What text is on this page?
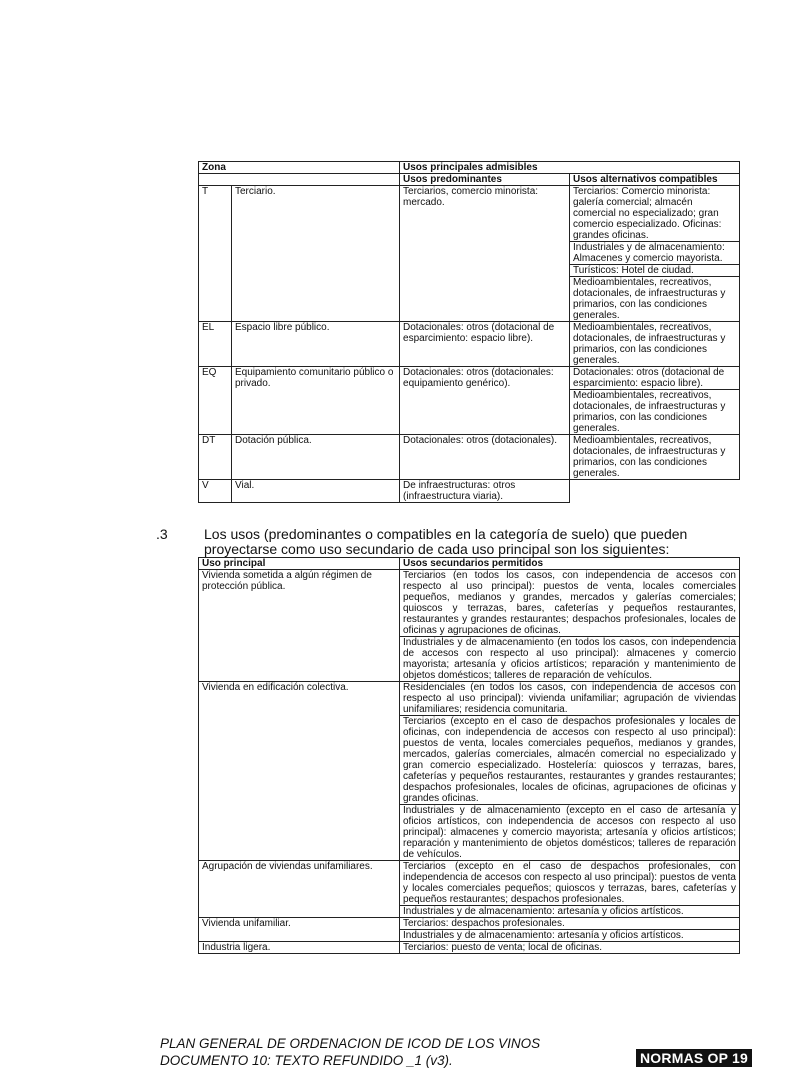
Zona		Usos principales admisibles	
		Usos predominantes	Usos alternativos compatibles
T	Terciario.	Terciarios, comercio minorista: mercado.	Terciarios: Comercio minorista: galería comercial; almacén comercial no especializado; gran comercio especializado. Oficinas: grandes oficinas.
			Industriales y de almacenamiento: Almacenes y comercio mayorista.
			Turísticos: Hotel de ciudad.
			Medioambientales, recreativos, dotacionales, de infraestructuras y primarios, con las condiciones generales.
EL	Espacio libre público.	Dotacionales: otros (dotacional de esparcimiento: espacio libre).	Medioambientales, recreativos, dotacionales, de infraestructuras y primarios, con las condiciones generales.
EQ	Equipamiento comunitario público o privado.	Dotacionales: otros (dotacionales: equipamiento genérico).	Dotacionales: otros (dotacional de esparcimiento: espacio libre).
			Medioambientales, recreativos, dotacionales, de infraestructuras y primarios, con las condiciones generales.
DT	Dotación pública.	Dotacionales: otros (dotacionales).	Medioambientales, recreativos, dotacionales, de infraestructuras y primarios, con las condiciones generales.
V	Vial.	De infraestructuras: otros (infraestructura viaria).	
.3	Los usos (predominantes o compatibles en la categoría de suelo) que pueden proyectarse como uso secundario de cada uso principal son los siguientes:
Uso principal	Usos secundarios permitidos
Vivienda sometida a algún régimen de protección pública.	Terciarios (en todos los casos, con independencia de accesos con respecto al uso principal): puestos de venta, locales comerciales pequeños, medianos y grandes, mercados y galerías comerciales; quioscos y terrazas, bares, cafeterías y pequeños restaurantes, restaurantes y grandes restaurantes; despachos profesionales, locales de oficinas y agrupaciones de oficinas.
	Industriales y de almacenamiento (en todos los casos, con independencia de accesos con respecto al uso principal): almacenes y comercio mayorista; artesanía y oficios artísticos; reparación y mantenimiento de objetos domésticos; talleres de reparación de vehículos.
Vivienda en edificación colectiva.	Residenciales (en todos los casos, con independencia de accesos con respecto al uso principal): vivienda unifamiliar; agrupación de viviendas unifamiliares; residencia comunitaria.
	Terciarios (excepto en el caso de despachos profesionales y locales de oficinas, con independencia de accesos con respecto al uso principal): puestos de venta, locales comerciales pequeños, medianos y grandes, mercados, galerías comerciales, almacén comercial no especializado y gran comercio especializado. Hostelería: quioscos y terrazas, bares, cafeterías y pequeños restaurantes, restaurantes y grandes restaurantes; despachos profesionales, locales de oficinas, agrupaciones de oficinas y grandes oficinas.
	Industriales y de almacenamiento (excepto en el caso de artesanía y oficios artísticos, con independencia de accesos con respecto al uso principal): almacenes y comercio mayorista; artesanía y oficios artísticos; reparación y mantenimiento de objetos domésticos; talleres de reparación de vehículos.
Agrupación de viviendas unifamiliares.	Terciarios (excepto en el caso de despachos profesionales, con independencia de accesos con respecto al uso principal): puestos de venta y locales comerciales pequeños; quioscos y terrazas, bares, cafeterías y pequeños restaurantes; despachos profesionales.
	Industriales y de almacenamiento: artesanía y oficios artísticos.
Vivienda unifamiliar.	Terciarios: despachos profesionales.
	Industriales y de almacenamiento: artesanía y oficios artísticos.
Industria ligera.	Terciarios: puesto de venta; local de oficinas.
PLAN GENERAL DE ORDENACION DE ICOD DE LOS VINOS
DOCUMENTO 10: TEXTO REFUNDIDO _1 (v3).	NORMAS OP 19
